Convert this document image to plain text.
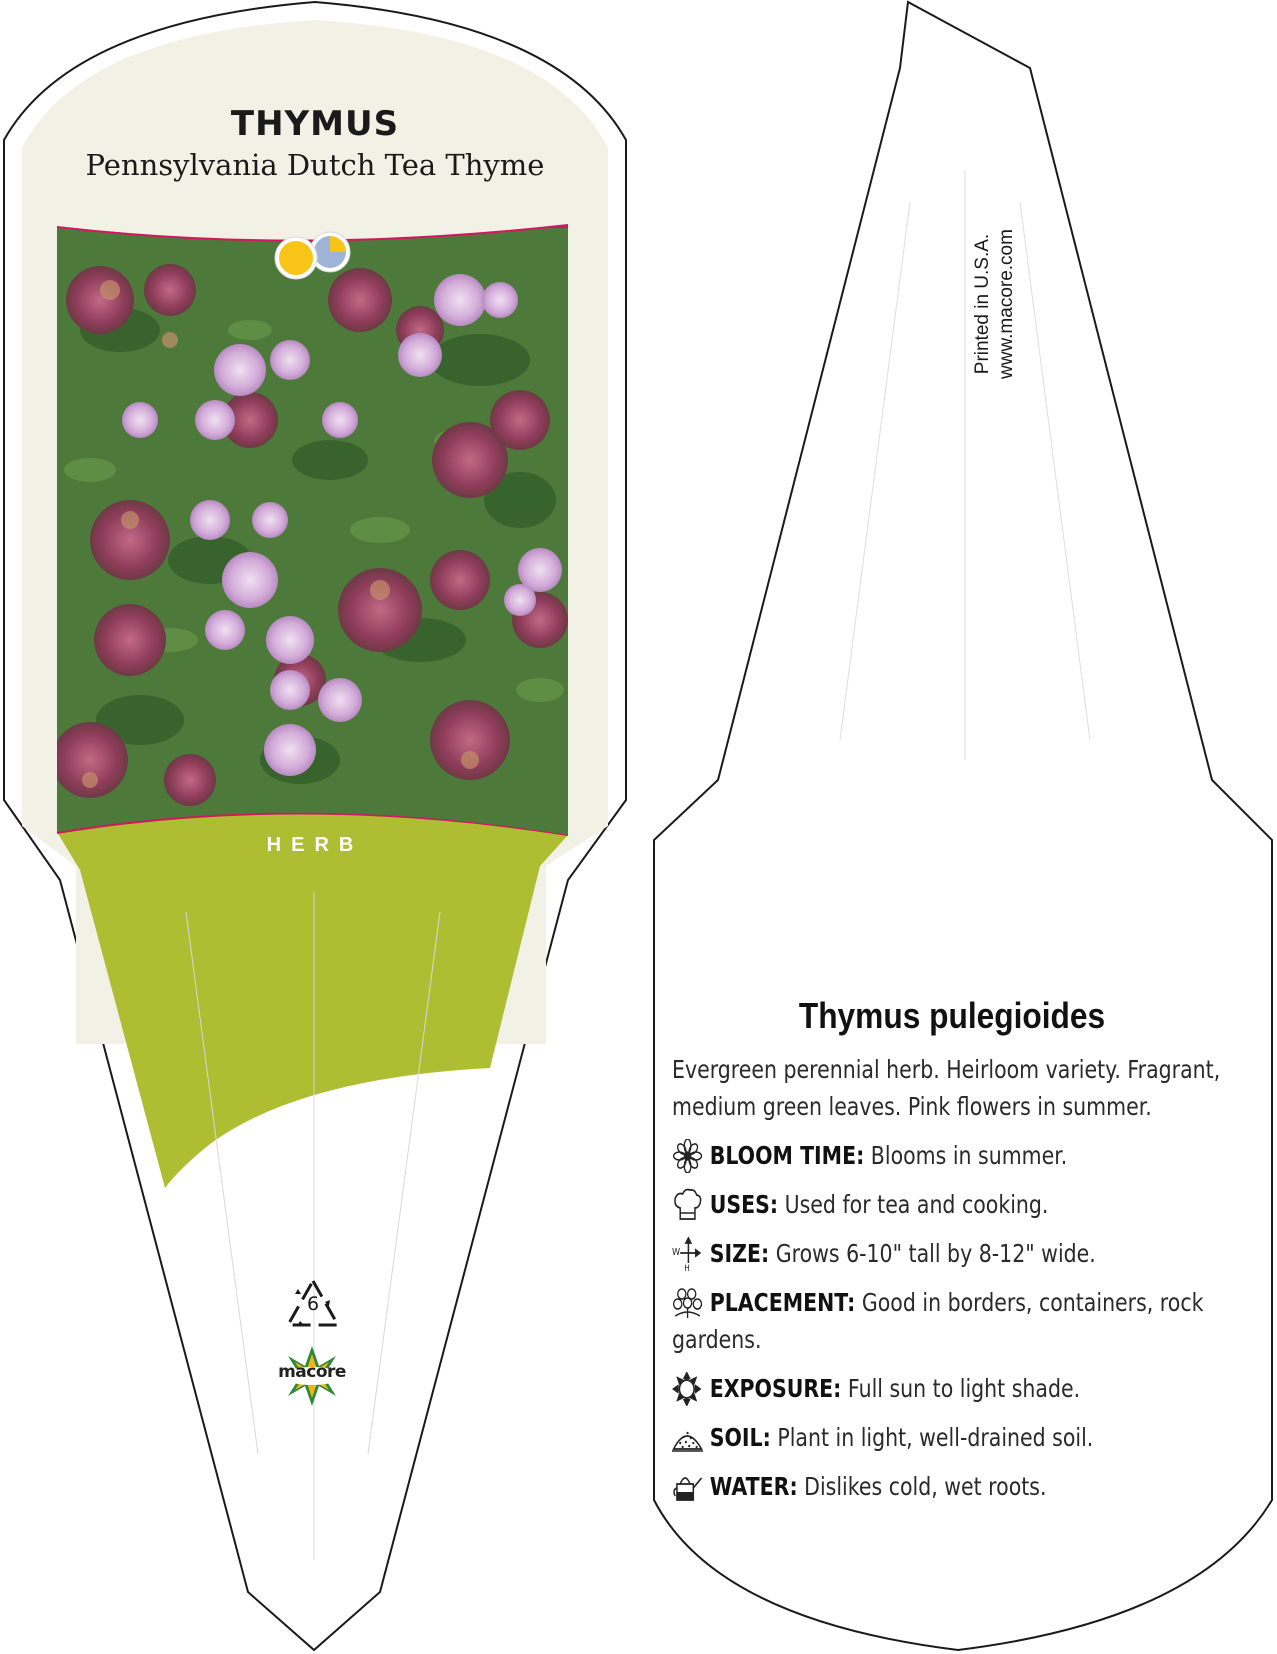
THYMUS
Pennsylvania Dutch Tea Thyme
HERB
6
macore
Printed in U.S.A. www.macore.com
Thymus pulegioides
Evergreen perennial herb. Heirloom variety. Fragrant, medium green leaves. Pink flowers in summer.
BLOOM TIME: Blooms in summer.
USES: Used for tea and cooking.
W
H SIZE: Grows 6-10" tall by 8-12" wide.
PLACEMENT: Good in borders, containers, rock
gardens.
EXPOSURE: Full sun to light shade.
SOIL: Plant in light, well-drained soil.
WATER: Dislikes cold, wet roots.
